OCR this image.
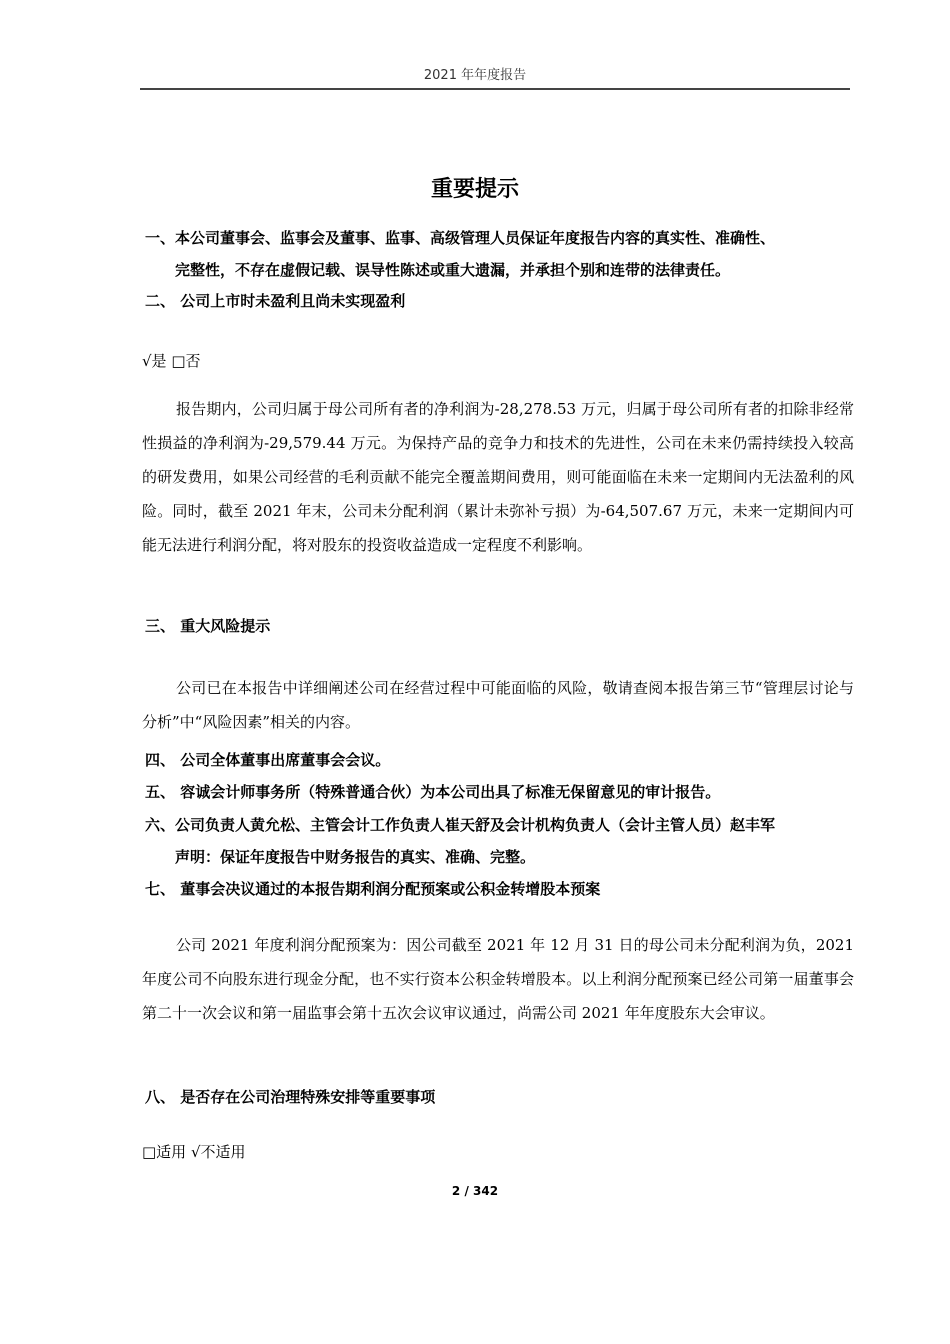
2021 年年度报告
重要提示
一、本公司董事会、监事会及董事、监事、高级管理人员保证年度报告内容的真实性、准确性、
完整性，不存在虚假记载、误导性陈述或重大遗漏，并承担个别和连带的法律责任。
二、 公司上市时未盈利且尚未实现盈利
√是 □否
报告期内，公司归属于母公司所有者的净利润为-28,278.53 万元，归属于母公司所有者的扣除非经常性损益的净利润为-29,579.44 万元。为保持产品的竞争力和技术的先进性，公司在未来仍需持续投入较高的研发费用，如果公司经营的毛利贡献不能完全覆盖期间费用，则可能面临在未来一定期间内无法盈利的风险。同时，截至 2021 年末，公司未分配利润（累计未弥补亏损）为-64,507.67 万元，未来一定期间内可能无法进行利润分配，将对股东的投资收益造成一定程度不利影响。
三、 重大风险提示
公司已在本报告中详细阐述公司在经营过程中可能面临的风险，敬请查阅本报告第三节“管理层讨论与分析”中“风险因素”相关的内容。
四、 公司全体董事出席董事会会议。
五、 容诚会计师事务所（特殊普通合伙）为本公司出具了标准无保留意见的审计报告。
六、公司负责人黄允松、主管会计工作负责人崔天舒及会计机构负责人（会计主管人员）赵丰军
声明：保证年度报告中财务报告的真实、准确、完整。
七、 董事会决议通过的本报告期利润分配预案或公积金转增股本预案
公司 2021 年度利润分配预案为：因公司截至 2021 年 12 月 31 日的母公司未分配利润为负，2021 年度公司不向股东进行现金分配，也不实行资本公积金转增股本。以上利润分配预案已经公司第一届董事会第二十一次会议和第一届监事会第十五次会议审议通过，尚需公司 2021 年年度股东大会审议。
八、 是否存在公司治理特殊安排等重要事项
□适用 √不适用
2 / 342
